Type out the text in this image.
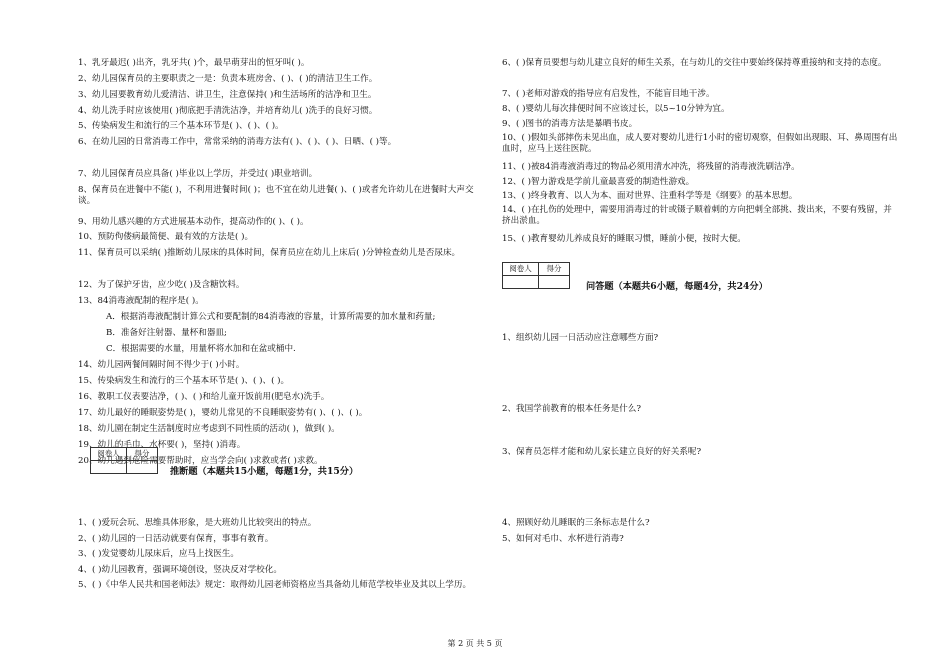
1、乳牙最迟( )出齐，乳牙共( )个，最早萌芽出的恒牙叫( )。
2、幼儿园保育员的主要职责之一是：负责本班房舍、( )、( )的清洁卫生工作。
3、幼儿园要教育幼儿爱清洁、讲卫生，注意保持( )和生活场所的洁净和卫生。
4、幼儿洗手时应该使用( )彻底把手清洗洁净，并培育幼儿( )洗手的良好习惯。
5、传染病发生和流行的三个基本环节是( )、( )、( )。
6、在幼儿园的日常消毒工作中，常常采纳的消毒方法有( )、( )、( )、日晒、( )等。
7、幼儿园保育员应具备( )毕业以上学历，并受过( )职业培训。
8、保育员在进餐中不能( )，不利用进餐时间( )；也不宜在幼儿进餐( )、( )或者允许幼儿在进餐时大声交谈。
9、用幼儿感兴趣的方式进展基本动作，提高动作的( )、( )。
10、预防佝偻病最简便、最有效的方法是( )。
11、保育员可以采纳( )推断幼儿尿床的具体时间，保育员应在幼儿上床后( )分钟检查幼儿是否尿床。
12、为了保护牙齿，应少吃( )及含糖饮料。
13、84消毒液配制的程序是( )。
A．根据消毒液配制计算公式和要配制的84消毒液的容量，计算所需要的加水量和药量;
B．准备好注射器、量杯和器皿;
C．根据需要的水量，用量杯将水加和在盆或桶中.
14、幼儿园两餐间隔时间不得少于( )小时。
15、传染病发生和流行的三个基本环节是( )、( )、( )。
16、教职工仪表要洁净，( )、( )和给儿童开饭前用(肥皂水)洗手。
17、幼儿最好的睡眠姿势是( )，婴幼儿常见的不良睡眠姿势有( )、( )、( )。
18、幼儿園在制定生活制度时应考虑到不同性质的活动( )，做到( )。
19、幼儿的毛巾、水杯要( )，坚持( )消毒。
20、幼儿遇到危险需要帮助时，应当学会向( )求救或者( )求救。
阅卷人	得分

推断题（本题共15小题，每题1分，共15分）
1、( )爱玩会玩、思维具体形象，是大班幼儿比较突出的特点。
2、( )幼儿园的一日活动就要有保育，事事有教育。
3、( )发觉婴幼儿尿床后，应马上找医生。
4、( )幼儿园教育，强调环境创设，竖决反对学校化。
5、( )《中华人民共和国老师法》规定：取得幼儿园老师资格应当具备幼儿师范学校毕业及其以上学历。
6、( )保育员要想与幼儿建立良好的师生关系，在与幼儿的交往中要始终保持尊重接纳和支持的态度。
7、( )老师对游戏的指导应有启发性，不能盲目地干涉。
8、( )婴幼儿每次排便时间不应该过长，以5~10分钟为宜。
9、( )图书的消毒方法是暴晒书皮。
10、( )假如头部摔伤未见出血，成人要对婴幼儿进行1小时的密切观察，但假如出现眼、耳、鼻周围有出血时，应马上送往医院。
11、( )被84消毒液消毒过的物品必须用清水冲洗，将残留的消毒液洗刷洁净。
12、( )智力游戏是学前儿童最喜爱的制造性游戏。
13、( )终身教育、以人为本、面对世界、注重科学等是《纲要》的基本思想。
14、( )在扎伤的处理中，需要用消毒过的针或镊子顺着刺的方向把刺全部挑、拨出来，不要有残留，并挤出淤血。
15、( )教育婴幼儿养成良好的睡眠习惯，睡前小便，按时大便。
阅卷人	得分

问答题（本题共6小题，每题4分，共24分）
1、组织幼儿园一日活动应注意哪些方面?
2、我国学前教育的根本任务是什么?
3、保育员怎样才能和幼儿家长建立良好的好关系呢?
4、照顾好幼儿睡眠的三条标志是什么?
5、如何对毛巾、水杯进行消毒?
第 2 页 共 5 页
